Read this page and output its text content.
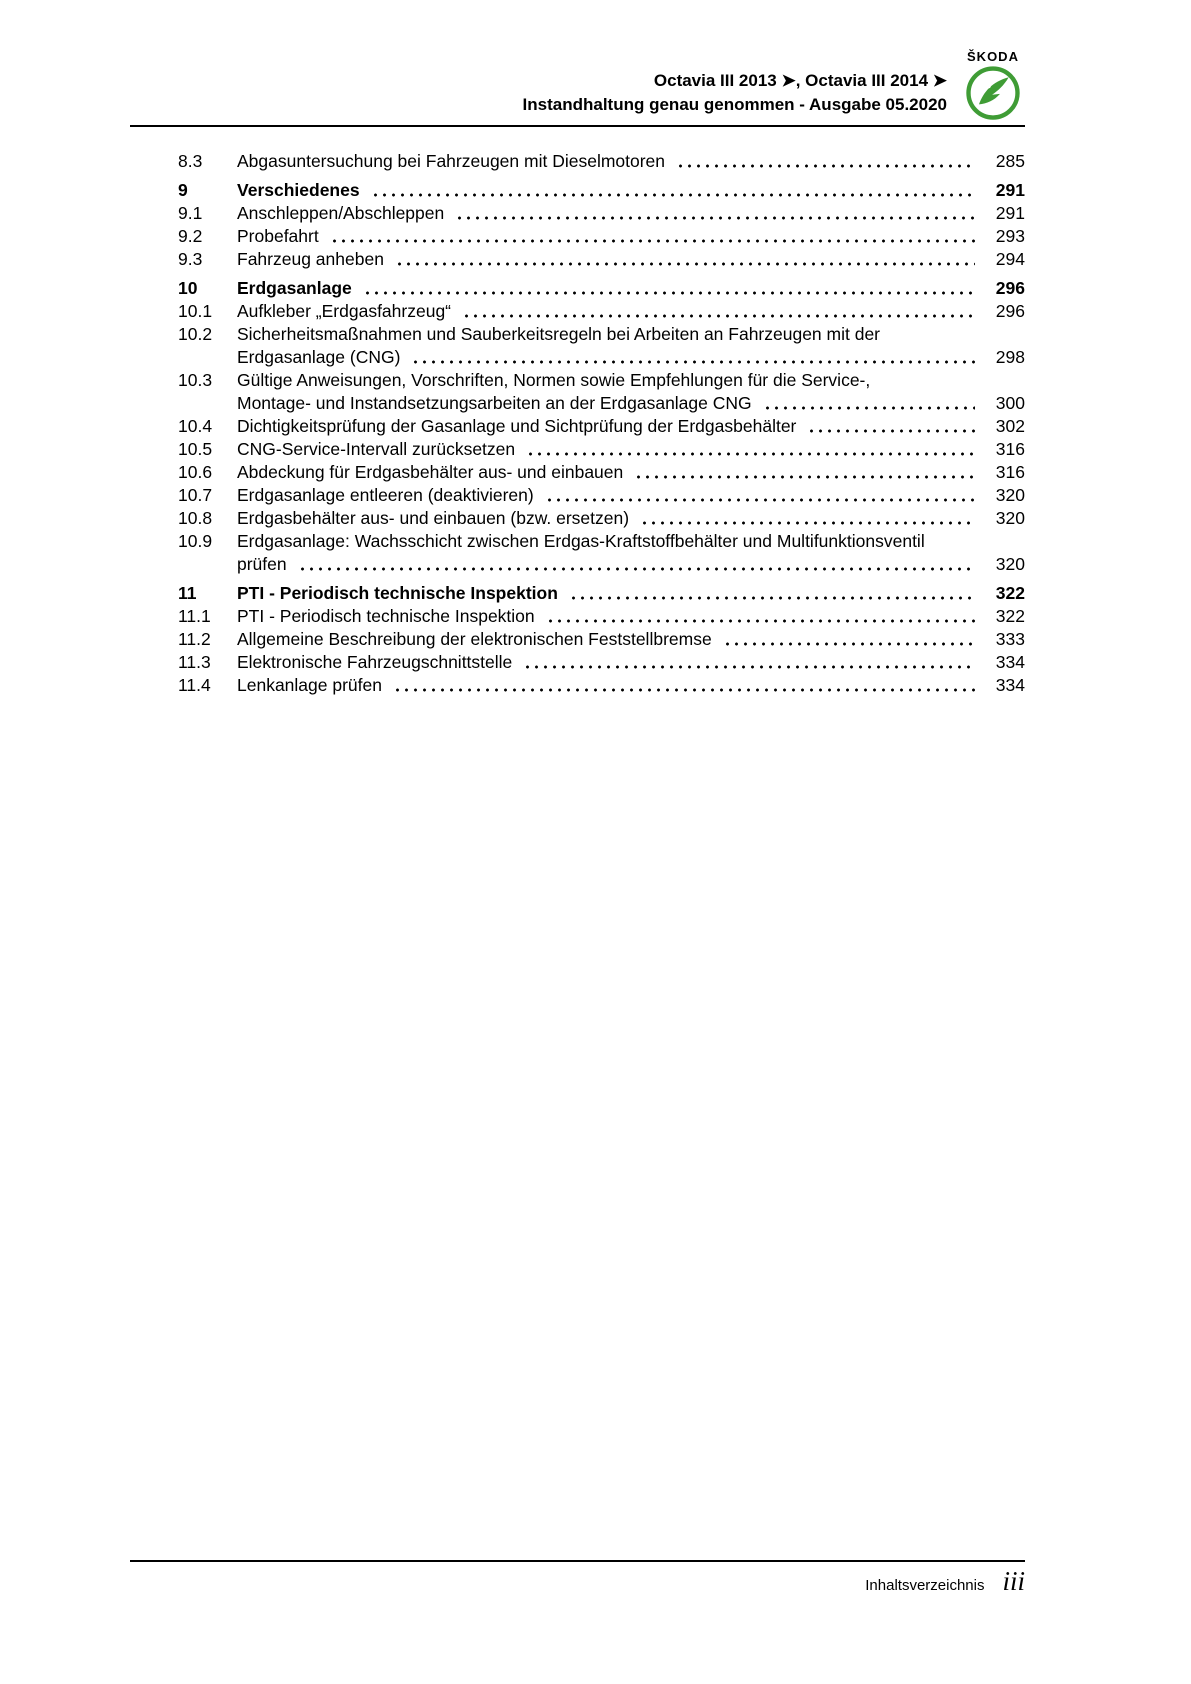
Octavia III 2013 ➤, Octavia III 2014 ➤
Instandhaltung genau genommen - Ausgabe 05.2020
ŠKODA
8.3	Abgasuntersuchung bei Fahrzeugen mit Dieselmotoren	285
9	Verschiedenes	291
9.1	Anschleppen/Abschleppen	291
9.2	Probefahrt	293
9.3	Fahrzeug anheben	294
10	Erdgasanlage	296
10.1	Aufkleber „Erdgasfahrzeug“	296
10.2	Sicherheitsmaßnahmen und Sauberkeitsregeln bei Arbeiten an Fahrzeugen mit der
Erdgasanlage (CNG)	298
10.3	Gültige Anweisungen, Vorschriften, Normen sowie Empfehlungen für die Service-,
Montage- und Instandsetzungsarbeiten an der Erdgasanlage CNG	300
10.4	Dichtigkeitsprüfung der Gasanlage und Sichtprüfung der Erdgasbehälter	302
10.5	CNG-Service-Intervall zurücksetzen	316
10.6	Abdeckung für Erdgasbehälter aus- und einbauen	316
10.7	Erdgasanlage entleeren (deaktivieren)	320
10.8	Erdgasbehälter aus- und einbauen (bzw. ersetzen)	320
10.9	Erdgasanlage: Wachsschicht zwischen Erdgas-Kraftstoffbehälter und Multifunktionsventil
prüfen	320
11	PTI - Periodisch technische Inspektion	322
11.1	PTI - Periodisch technische Inspektion	322
11.2	Allgemeine Beschreibung der elektronischen Feststellbremse	333
11.3	Elektronische Fahrzeugschnittstelle	334
11.4	Lenkanlage prüfen	334
Inhaltsverzeichnis iii
